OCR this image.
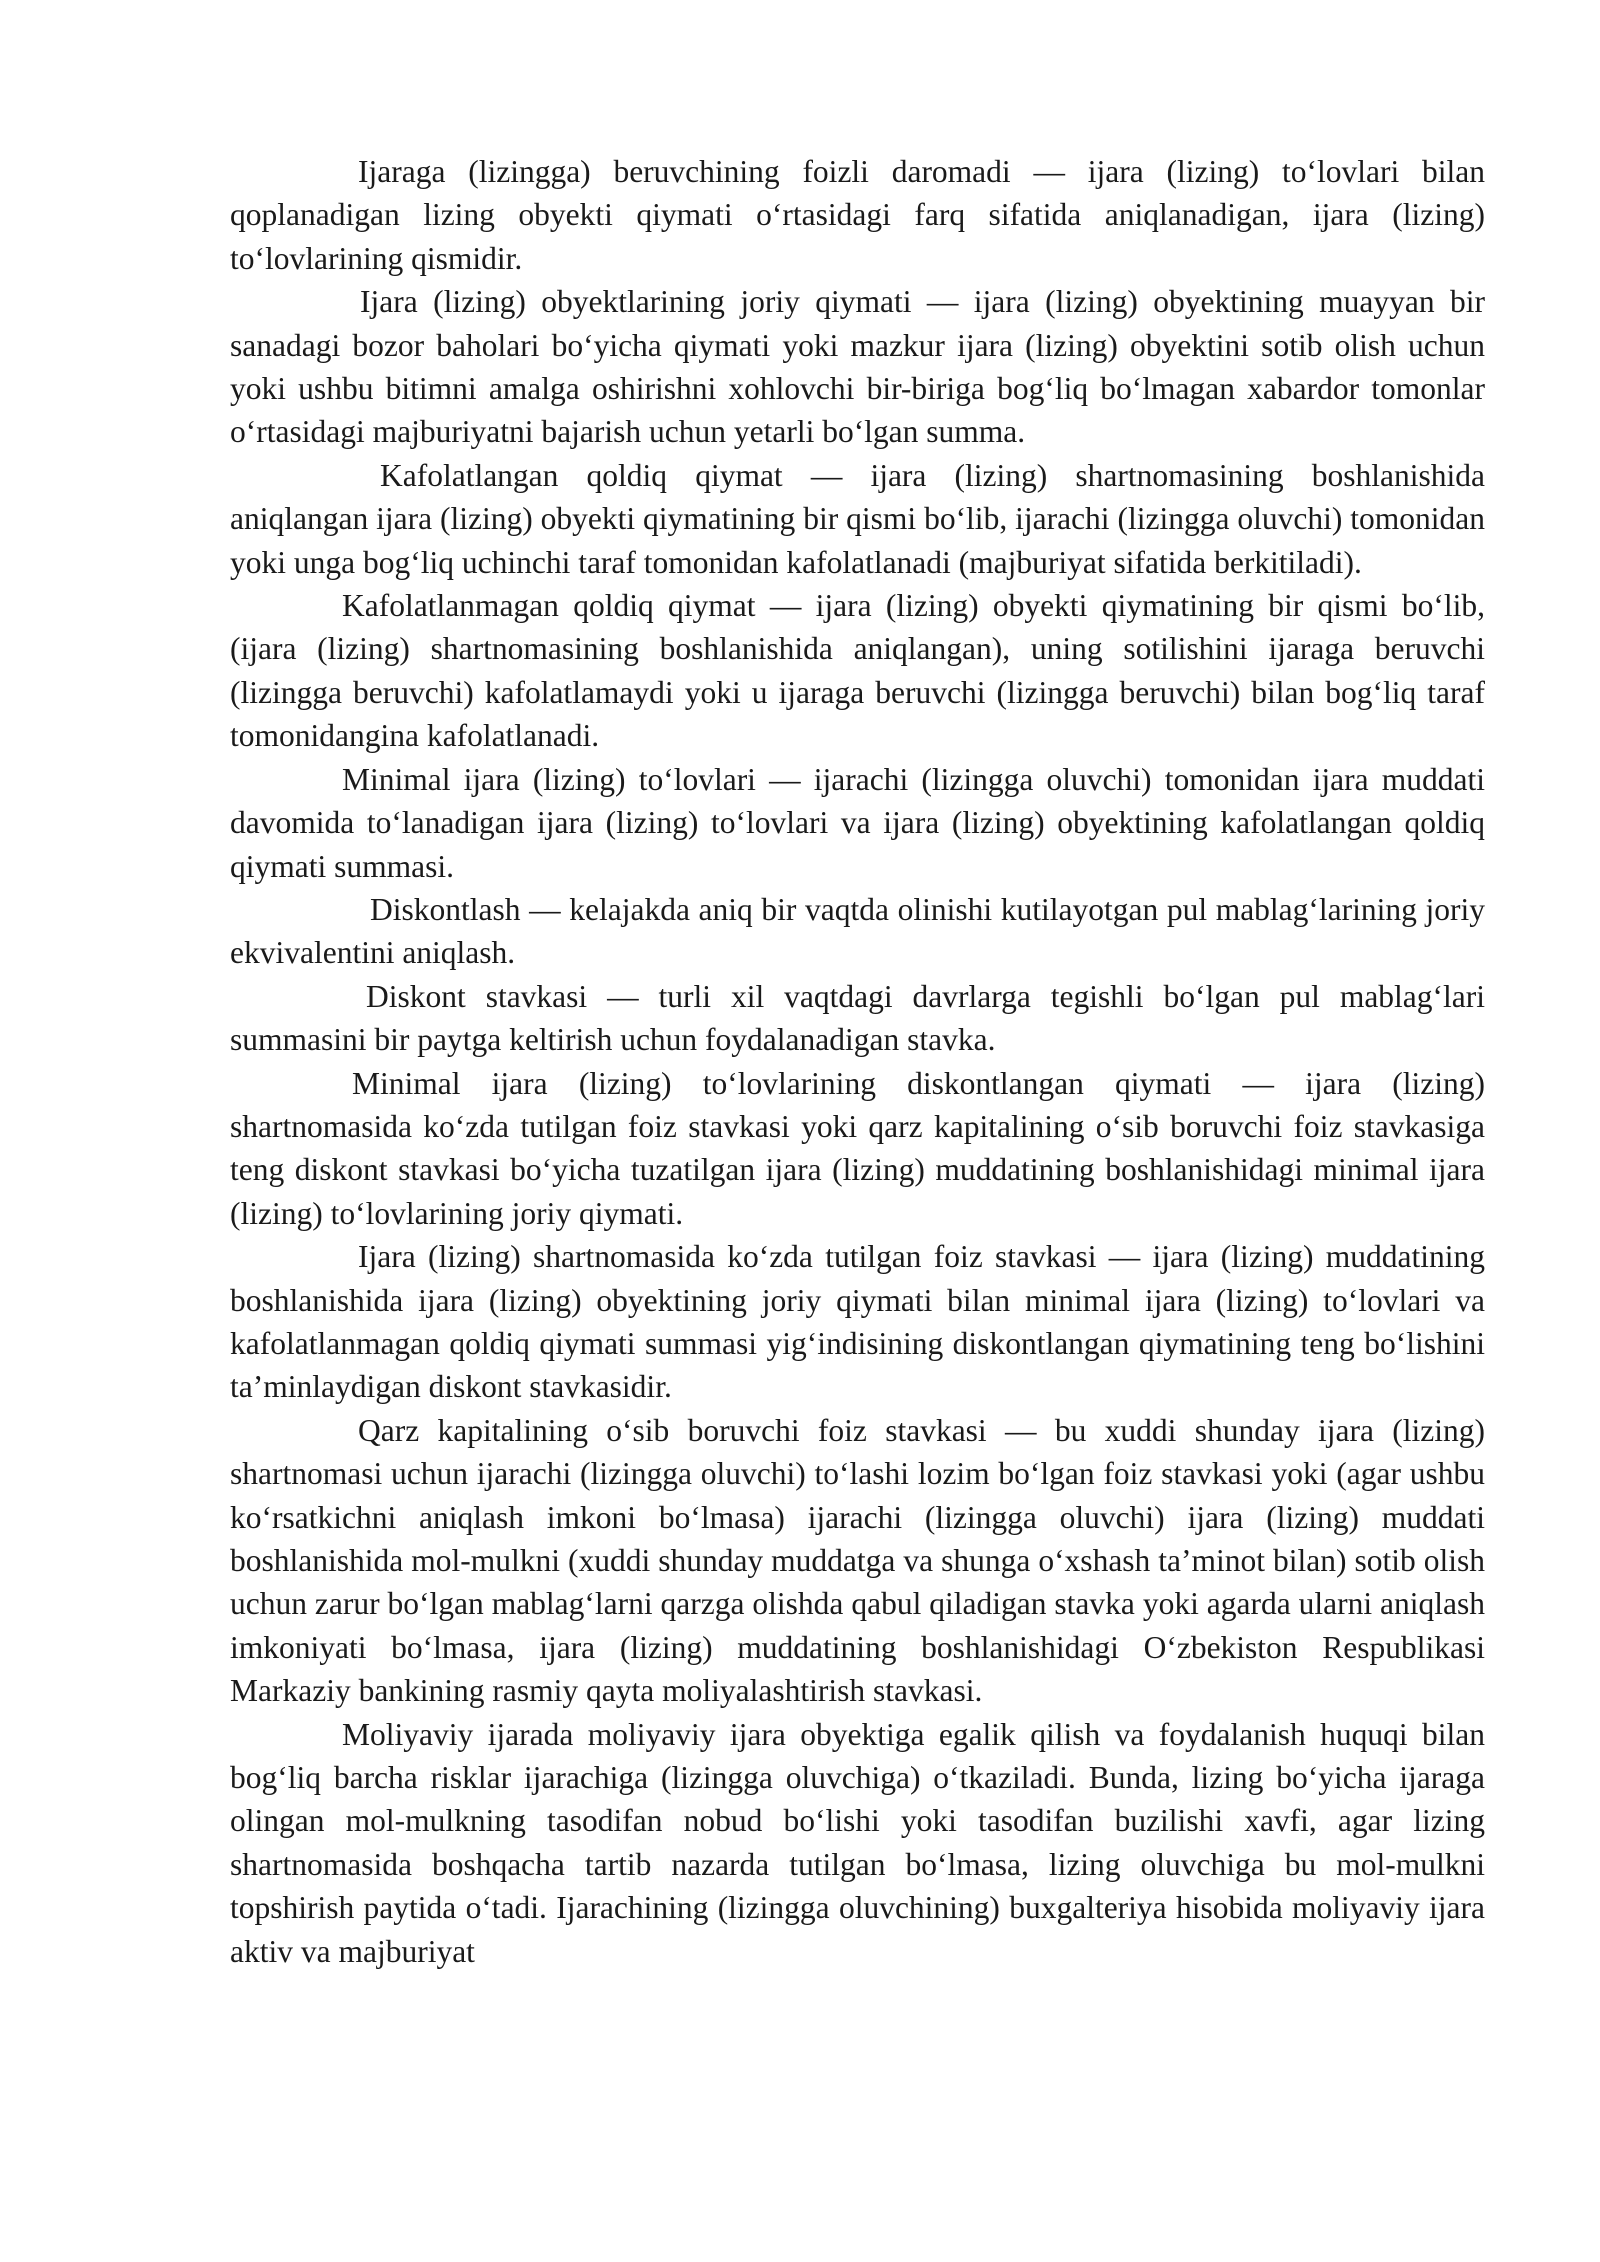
Ijaraga (lizingga) beruvchining foizli daromadi — ijara (lizing) to‘lovlari bilan qoplanadigan lizing obyekti qiymati o‘rtasidagi farq sifatida aniqlanadigan, ijara (lizing) to‘lovlarining qismidir.

Ijara (lizing) obyektlarining joriy qiymati — ijara (lizing) obyektining muayyan bir sanadagi bozor baholari bo‘yicha qiymati yoki mazkur ijara (lizing) obyektini sotib olish uchun yoki ushbu bitimni amalga oshirishni xohlovchi bir-biriga bog‘liq bo‘lmagan xabardor tomonlar o‘rtasidagi majburiyatni bajarish uchun yetarli bo‘lgan summa.

Kafolatlangan qoldiq qiymat — ijara (lizing) shartnomasining boshlanishida aniqlangan ijara (lizing) obyekti qiymatining bir qismi bo‘lib, ijarachi (lizingga oluvchi) tomonidan yoki unga bog‘liq uchinchi taraf tomonidan kafolatlanadi (majburiyat sifatida berkitiladi).

Kafolatlanmagan qoldiq qiymat — ijara (lizing) obyekti qiymatining bir qismi bo‘lib, (ijara (lizing) shartnomasining boshlanishida aniqlangan), uning sotilishini ijaraga beruvchi (lizingga beruvchi) kafolatlamaydi yoki u ijaraga beruvchi (lizingga beruvchi) bilan bog‘liq taraf tomonidangina kafolatlanadi.

Minimal ijara (lizing) to‘lovlari — ijarachi (lizingga oluvchi) tomonidan ijara muddati davomida to‘lanadigan ijara (lizing) to‘lovlari va ijara (lizing) obyektining kafolatlangan qoldiq qiymati summasi.

Diskontlash — kelajakda aniq bir vaqtda olinishi kutilayotgan pul mablag‘larining joriy ekvivalentini aniqlash.

Diskont stavkasi — turli xil vaqtdagi davrlarga tegishli bo‘lgan pul mablag‘lari summasini bir paytga keltirish uchun foydalanadigan stavka.

Minimal ijara (lizing) to‘lovlarining diskontlangan qiymati — ijara (lizing) shartnomasida ko‘zda tutilgan foiz stavkasi yoki qarz kapitalining o‘sib boruvchi foiz stavkasiga teng diskont stavkasi bo‘yicha tuzatilgan ijara (lizing) muddatining boshlanishidagi minimal ijara (lizing) to‘lovlarining joriy qiymati.

Ijara (lizing) shartnomasida ko‘zda tutilgan foiz stavkasi — ijara (lizing) muddatining boshlanishida ijara (lizing) obyektining joriy qiymati bilan minimal ijara (lizing) to‘lovlari va kafolatlanmagan qoldiq qiymati summasi yig‘indisining diskontlangan qiymatining teng bo‘lishini ta’minlaydigan diskont stavkasidir.

Qarz kapitalining o‘sib boruvchi foiz stavkasi — bu xuddi shunday ijara (lizing) shartnomasi uchun ijarachi (lizingga oluvchi) to‘lashi lozim bo‘lgan foiz stavkasi yoki (agar ushbu ko‘rsatkichni aniqlash imkoni bo‘lmasa) ijarachi (lizingga oluvchi) ijara (lizing) muddati boshlanishida mol-mulkni (xuddi shunday muddatga va shunga o‘xshash ta’minot bilan) sotib olish uchun zarur bo‘lgan mablag‘larni qarzga olishda qabul qiladigan stavka yoki agarda ularni aniqlash imkoniyati bo‘lmasa, ijara (lizing) muddatining boshlanishidagi O‘zbekiston Respublikasi Markaziy bankining rasmiy qayta moliyalashtirish stavkasi.

Moliyaviy ijarada moliyaviy ijara obyektiga egalik qilish va foydalanish huquqi bilan bog‘liq barcha risklar ijarachiga (lizingga oluvchiga) o‘tkaziladi. Bunda, lizing bo‘yicha ijaraga olingan mol-mulkning tasodifan nobud bo‘lishi yoki tasodifan buzilishi xavfi, agar lizing shartnomasida boshqacha tartib nazarda tutilgan bo‘lmasa, lizing oluvchiga bu mol-mulkni topshirish paytida o‘tadi. Ijarachining (lizingga oluvchining) buxgalteriya hisobida moliyaviy ijara aktiv va majburiyat
